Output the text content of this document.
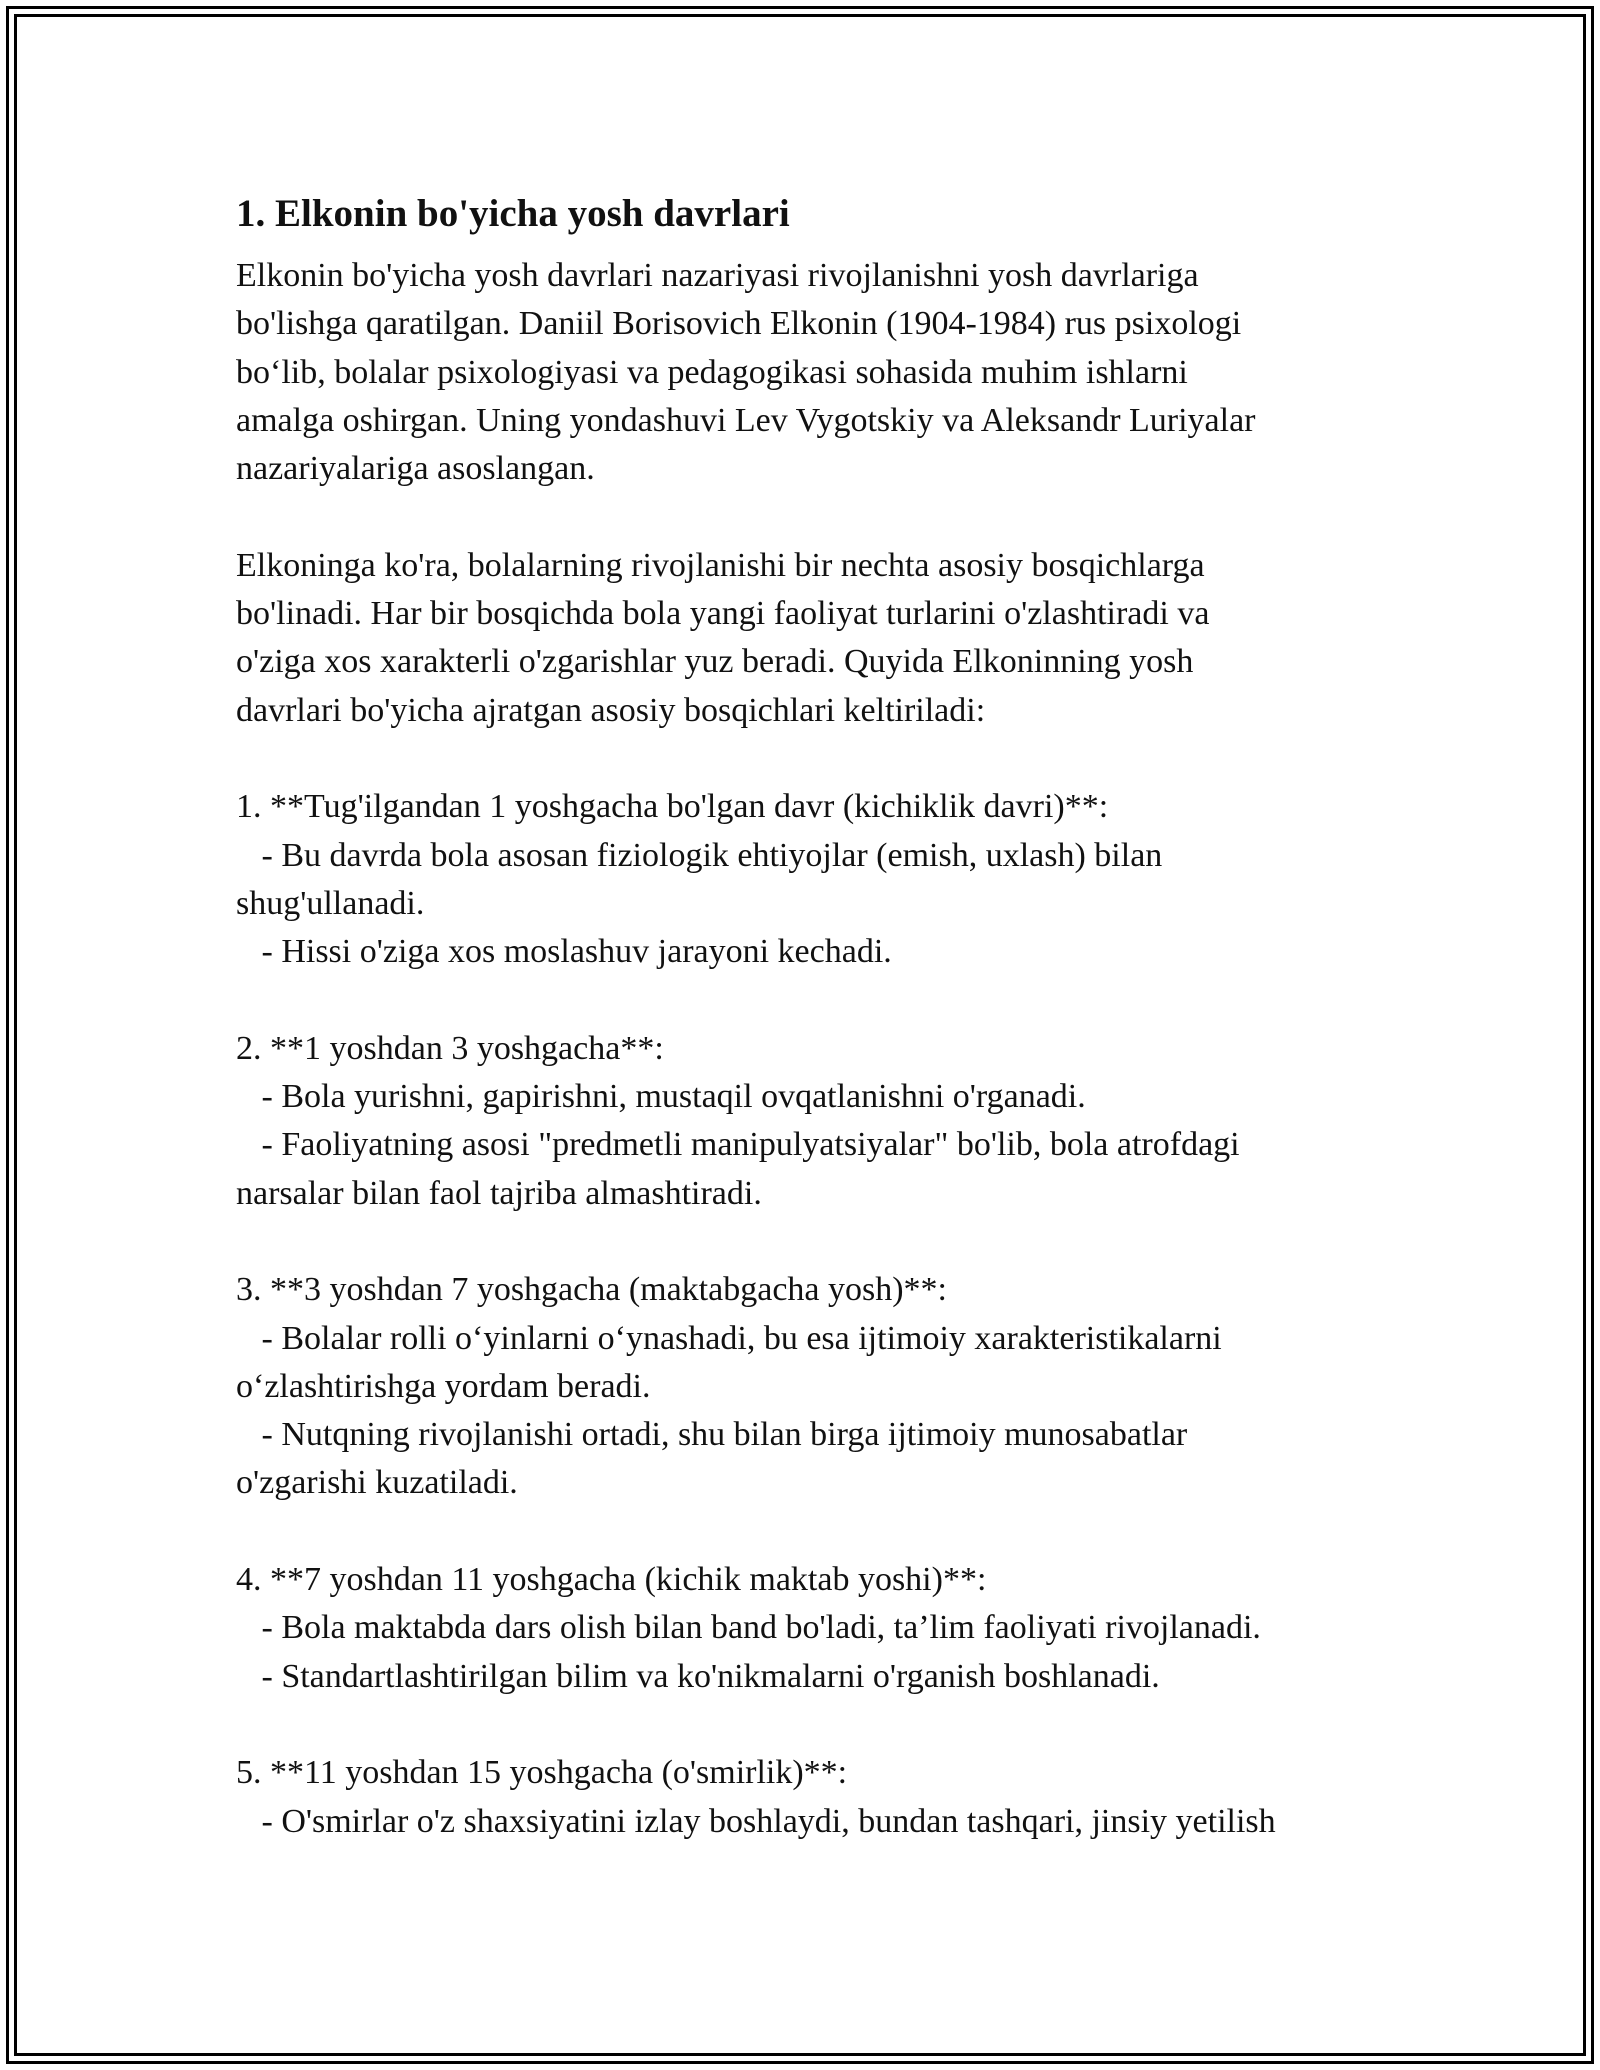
1. Elkonin bo'yicha yosh davrlari
Elkonin bo'yicha yosh davrlari nazariyasi rivojlanishni yosh davrlariga
bo'lishga qaratilgan. Daniil Borisovich Elkonin (1904-1984) rus psixologi
bo‘lib, bolalar psixologiyasi va pedagogikasi sohasida muhim ishlarni
amalga oshirgan. Uning yondashuvi Lev Vygotskiy va Aleksandr Luriyalar
nazariyalariga asoslangan.
Elkoninga ko'ra, bolalarning rivojlanishi bir nechta asosiy bosqichlarga
bo'linadi. Har bir bosqichda bola yangi faoliyat turlarini o'zlashtiradi va
o'ziga xos xarakterli o'zgarishlar yuz beradi. Quyida Elkoninning yosh
davrlari bo'yicha ajratgan asosiy bosqichlari keltiriladi:
1. **Tug'ilgandan 1 yoshgacha bo'lgan davr (kichiklik davri)**:
- Bu davrda bola asosan fiziologik ehtiyojlar (emish, uxlash) bilan
shug'ullanadi.
- Hissi o'ziga xos moslashuv jarayoni kechadi.
2. **1 yoshdan 3 yoshgacha**:
- Bola yurishni, gapirishni, mustaqil ovqatlanishni o'rganadi.
- Faoliyatning asosi "predmetli manipulyatsiyalar" bo'lib, bola atrofdagi
narsalar bilan faol tajriba almashtiradi.
3. **3 yoshdan 7 yoshgacha (maktabgacha yosh)**:
- Bolalar rolli o‘yinlarni o‘ynashadi, bu esa ijtimoiy xarakteristikalarni
o‘zlashtirishga yordam beradi.
- Nutqning rivojlanishi ortadi, shu bilan birga ijtimoiy munosabatlar
o'zgarishi kuzatiladi.
4. **7 yoshdan 11 yoshgacha (kichik maktab yoshi)**:
- Bola maktabda dars olish bilan band bo'ladi, ta’lim faoliyati rivojlanadi.
- Standartlashtirilgan bilim va ko'nikmalarni o'rganish boshlanadi.
5. **11 yoshdan 15 yoshgacha (o'smirlik)**:
- O'smirlar o'z shaxsiyatini izlay boshlaydi, bundan tashqari, jinsiy yetilish
